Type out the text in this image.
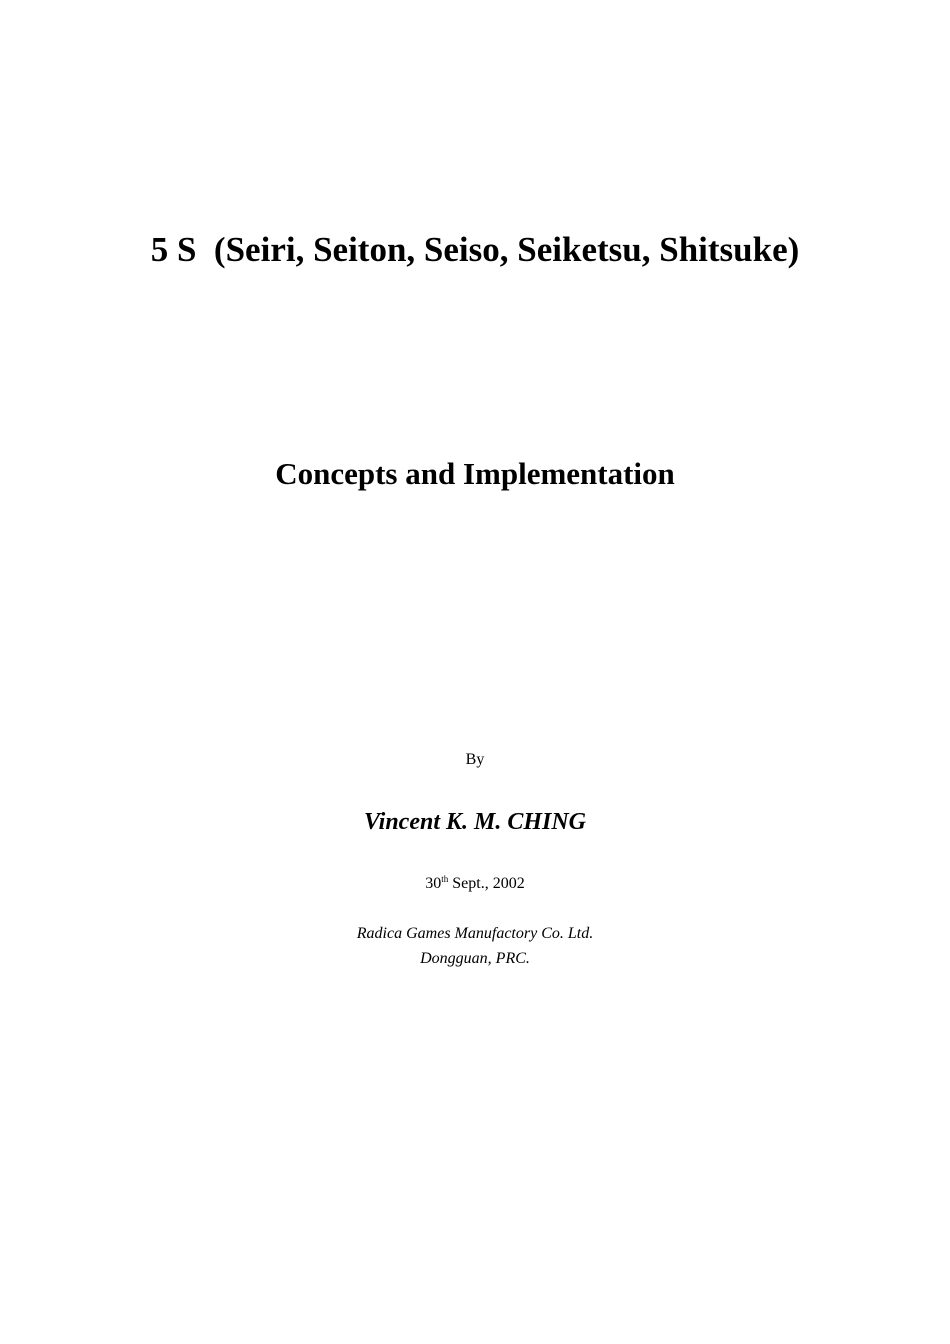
5 S  (Seiri, Seiton, Seiso, Seiketsu, Shitsuke)
Concepts and Implementation
By
Vincent K. M. CHING
30th Sept., 2002
Radica Games Manufactory Co. Ltd.
Dongguan, PRC.
